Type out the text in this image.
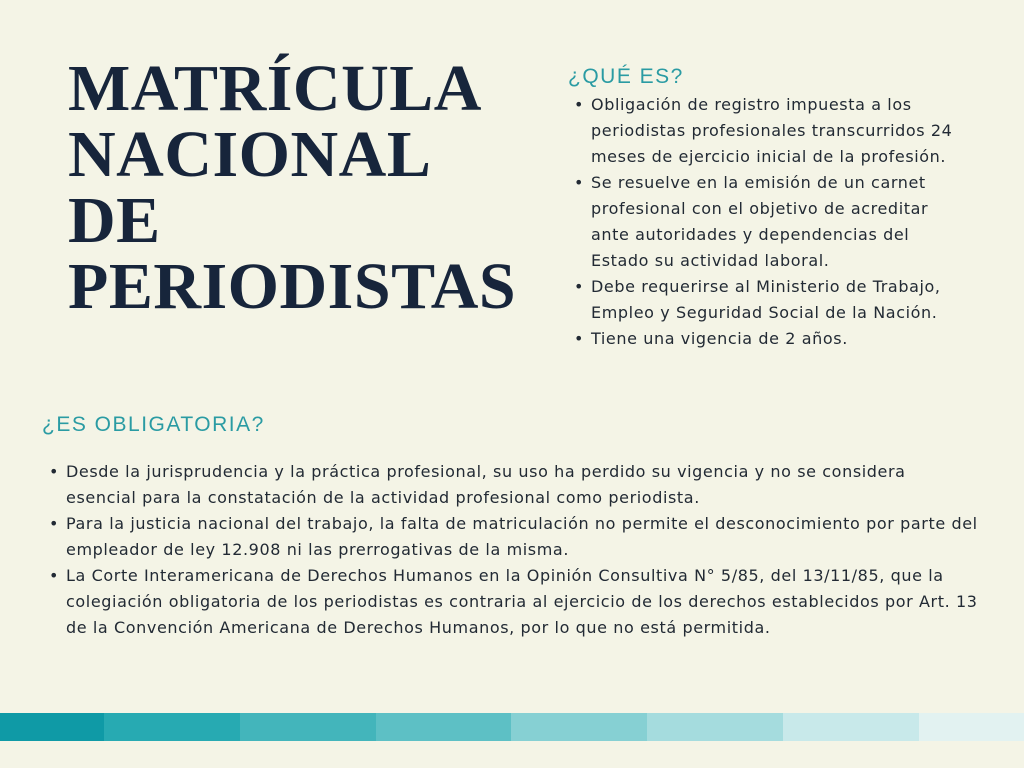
MATRÍCULA
NACIONAL
DE
PERIODISTAS
¿QUÉ ES?
• Obligación de registro impuesta a los periodistas profesionales transcurridos 24 meses de ejercicio inicial de la profesión.
• Se resuelve en la emisión de un carnet profesional con el objetivo de acreditar ante autoridades y dependencias del Estado su actividad laboral.
• Debe requerirse al Ministerio de Trabajo, Empleo y Seguridad Social de la Nación.
• Tiene una vigencia de 2 años.
¿ES OBLIGATORIA?
• Desde la jurisprudencia y la práctica profesional, su uso ha perdido su vigencia y no se considera esencial para la constatación de la actividad profesional como periodista.
• Para la justicia nacional del trabajo, la falta de matriculación no permite el desconocimiento por parte del empleador de ley 12.908 ni las prerrogativas de la misma.
• La Corte Interamericana de Derechos Humanos en la Opinión Consultiva N° 5/85, del 13/11/85, que la colegiación obligatoria de los periodistas es contraria al ejercicio de los derechos establecidos por Art. 13 de la Convención Americana de Derechos Humanos, por lo que no está permitida.
